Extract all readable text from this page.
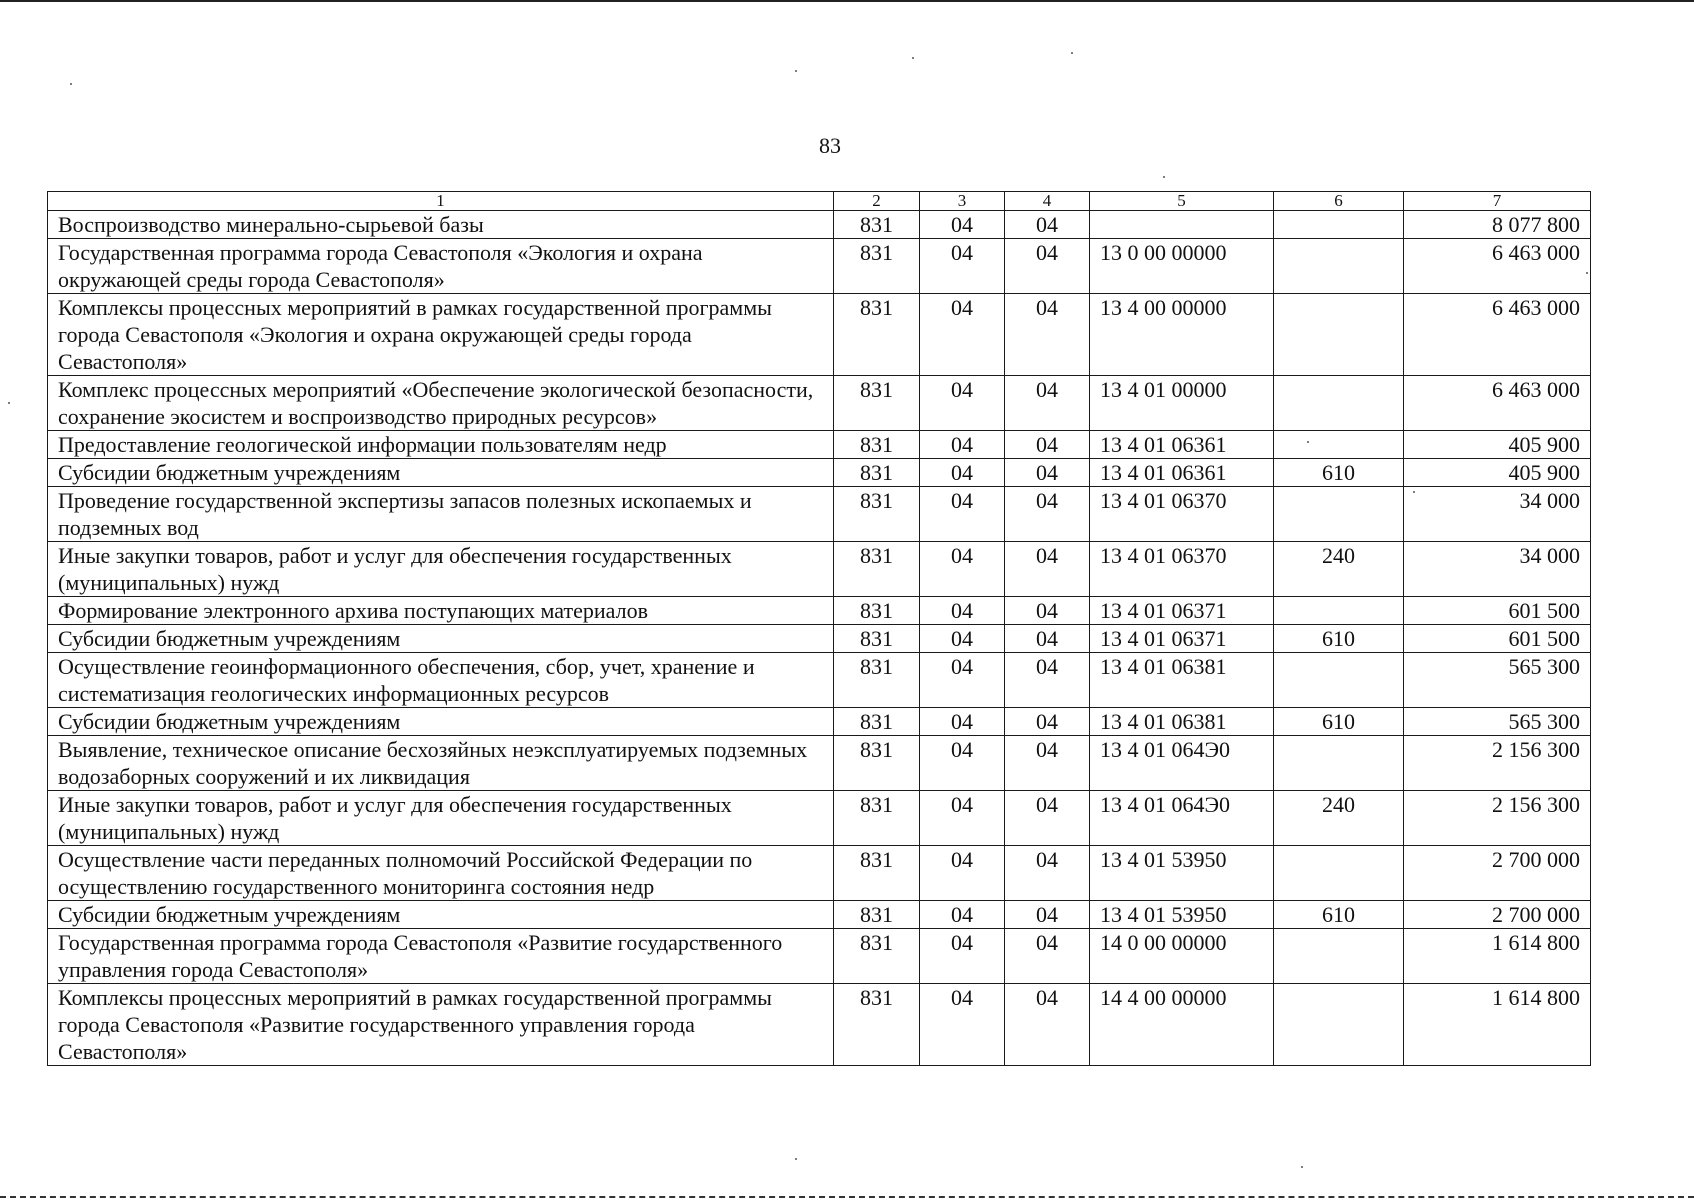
83
1	2	3	4	5	6	7
Воспроизводство минерально-сырьевой базы	831	04	04			8 077 800
Государственная программа города Севастополя «Экология и охрана окружающей среды города Севастополя»	831	04	04	13 0 00 00000		6 463 000
Комплексы процессных мероприятий в рамках государственной программы города Севастополя «Экология и охрана окружающей среды города Севастополя»	831	04	04	13 4 00 00000		6 463 000
Комплекс процессных мероприятий «Обеспечение экологической безопасности, сохранение экосистем и воспроизводство природных ресурсов»	831	04	04	13 4 01 00000		6 463 000
Предоставление геологической информации пользователям недр	831	04	04	13 4 01 06361		405 900
Субсидии бюджетным учреждениям	831	04	04	13 4 01 06361	610	405 900
Проведение государственной экспертизы запасов полезных ископаемых и подземных вод	831	04	04	13 4 01 06370		34 000
Иные закупки товаров, работ и услуг для обеспечения государственных (муниципальных) нужд	831	04	04	13 4 01 06370	240	34 000
Формирование электронного архива поступающих материалов	831	04	04	13 4 01 06371		601 500
Субсидии бюджетным учреждениям	831	04	04	13 4 01 06371	610	601 500
Осуществление геоинформационного обеспечения, сбор, учет, хранение и систематизация геологических информационных ресурсов	831	04	04	13 4 01 06381		565 300
Субсидии бюджетным учреждениям	831	04	04	13 4 01 06381	610	565 300
Выявление, техническое описание бесхозяйных неэксплуатируемых подземных водозаборных сооружений и их ликвидация	831	04	04	13 4 01 064Э0		2 156 300
Иные закупки товаров, работ и услуг для обеспечения государственных (муниципальных) нужд	831	04	04	13 4 01 064Э0	240	2 156 300
Осуществление части переданных полномочий Российской Федерации по осуществлению государственного мониторинга состояния недр	831	04	04	13 4 01 53950		2 700 000
Субсидии бюджетным учреждениям	831	04	04	13 4 01 53950	610	2 700 000
Государственная программа города Севастополя «Развитие государственного управления города Севастополя»	831	04	04	14 0 00 00000		1 614 800
Комплексы процессных мероприятий в рамках государственной программы города Севастополя «Развитие государственного управления города Севастополя»	831	04	04	14 4 00 00000		1 614 800
